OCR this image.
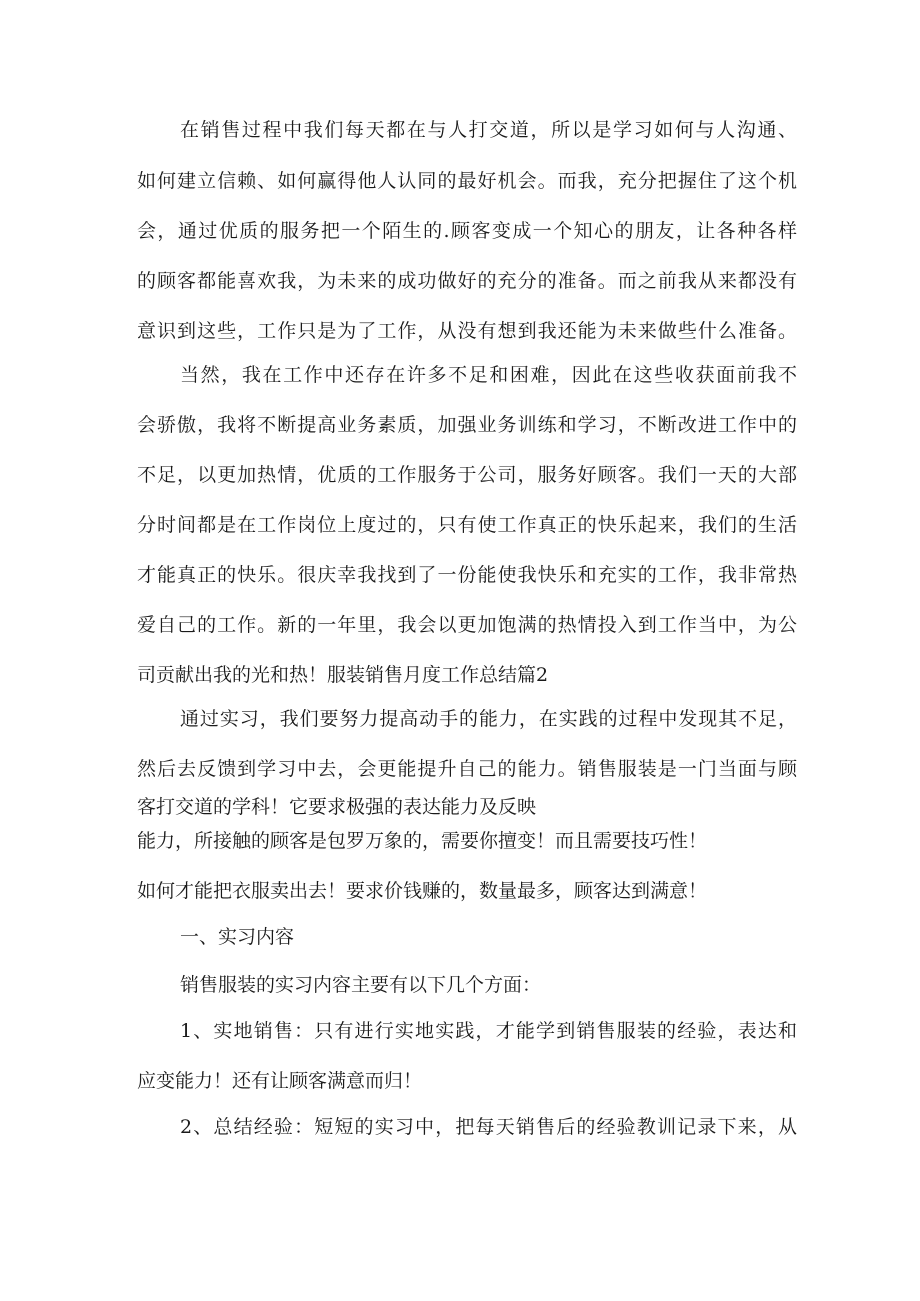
在销售过程中我们每天都在与人打交道，所以是学习如何与人沟通、
如何建立信赖、如何赢得他人认同的最好机会。而我，充分把握住了这个机
会，通过优质的服务把一个陌生的.顾客变成一个知心的朋友，让各种各样
的顾客都能喜欢我，为未来的成功做好的充分的准备。而之前我从来都没有
意识到这些，工作只是为了工作，从没有想到我还能为未来做些什么准备。
当然，我在工作中还存在许多不足和困难，因此在这些收获面前我不
会骄傲，我将不断提高业务素质，加强业务训练和学习，不断改进工作中的
不足，以更加热情，优质的工作服务于公司，服务好顾客。我们一天的大部
分时间都是在工作岗位上度过的，只有使工作真正的快乐起来，我们的生活
才能真正的快乐。很庆幸我找到了一份能使我快乐和充实的工作，我非常热
爱自己的工作。新的一年里，我会以更加饱满的热情投入到工作当中，为公
司贡献出我的光和热！服装销售月度工作总结篇2
通过实习，我们要努力提高动手的能力，在实践的过程中发现其不足，
然后去反馈到学习中去，会更能提升自己的能力。销售服装是一门当面与顾
客打交道的学科！它要求极强的表达能力及反映
能力，所接触的顾客是包罗万象的，需要你擅变！而且需要技巧性！
如何才能把衣服卖出去！要求价钱赚的，数量最多，顾客达到满意！
一、实习内容
销售服装的实习内容主要有以下几个方面：
1、实地销售：只有进行实地实践，才能学到销售服装的经验，表达和
应变能力！还有让顾客满意而归！
2、总结经验：短短的实习中，把每天销售后的经验教训记录下来，从
